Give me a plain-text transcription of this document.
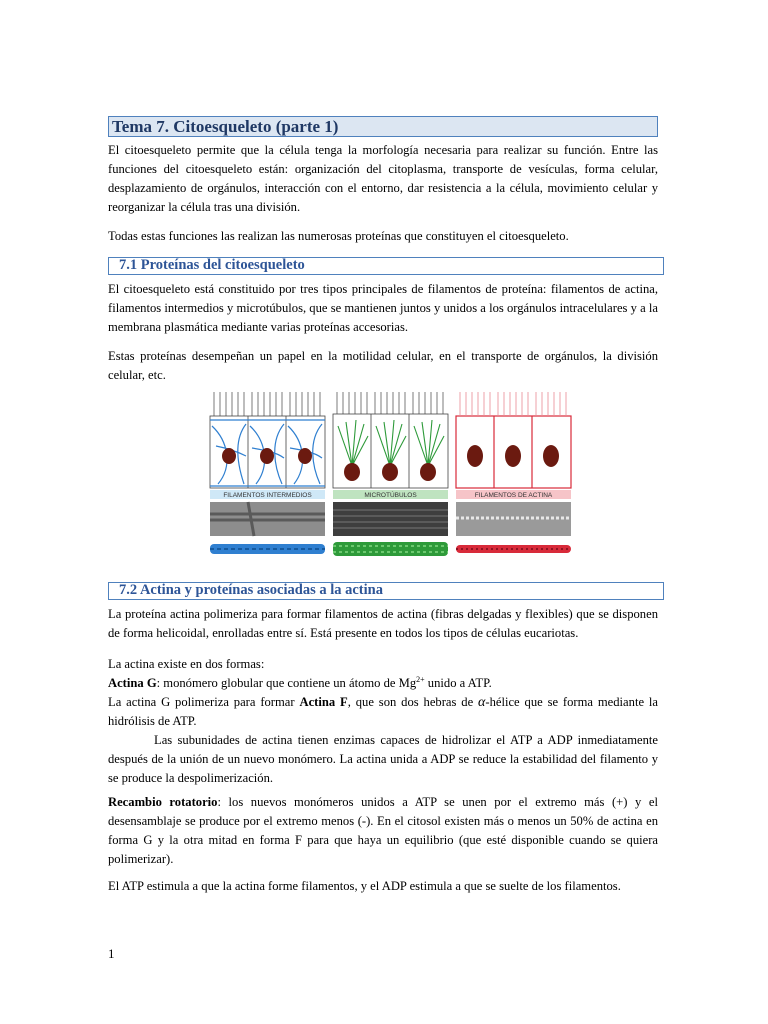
Tema 7. Citoesqueleto (parte 1)

El citoesqueleto permite que la célula tenga la morfología necesaria para realizar su función. Entre las funciones del citoesqueleto están: organización del citoplasma, transporte de vesículas, forma celular, desplazamiento de orgánulos, interacción con el entorno, dar resistencia a la célula, movimiento celular y reorganizar la célula tras una división.

Todas estas funciones las realizan las numerosas proteínas que constituyen el citoesqueleto.

7.1 Proteínas del citoesqueleto

El citoesqueleto está constituido por tres tipos principales de filamentos de proteína: filamentos de actina, filamentos intermedios y microtúbulos, que se mantienen juntos y unidos a los orgánulos intracelulares y a la membrana plasmática mediante varias proteínas accesorias.

Estas proteínas desempeñan un papel en la motilidad celular, en el transporte de orgánulos, la división celular, etc.

FILAMENTOS INTERMEDIOS	MICROTÚBULOS	FILAMENTOS DE ACTINA
7.2 Actina y proteínas asociadas a la actina

La proteína actina polimeriza para formar filamentos de actina (fibras delgadas y flexibles) que se disponen de forma helicoidal, enrolladas entre sí. Está presente en todos los tipos de células eucariotas.

La actina existe en dos formas:

Actina G: monómero globular que contiene un átomo de $Mg^{2+}$ unido a ATP.

La actina G polimeriza para formar Actina F, que son dos hebras de α-hélice que se forma mediante la hidrólisis de ATP.

Las subunidades de actina tienen enzimas capaces de hidrolizar el ATP a ADP inmediatamente después de la unión de un nuevo monómero. La actina unida a ADP se reduce la estabilidad del filamento y se produce la despolimerización.

Recambio rotatorio: los nuevos monómeros unidos a ATP se unen por el extremo más (+) y el desensamblaje se produce por el extremo menos (-). En el citosol existen más o menos un 50% de actina en forma G y la otra mitad en forma F para que haya un equilibrio (que esté disponible cuando se quiera polimerizar).

El ATP estimula a que la actina forme filamentos, y el ADP estimula a que se suelte de los filamentos.

1
